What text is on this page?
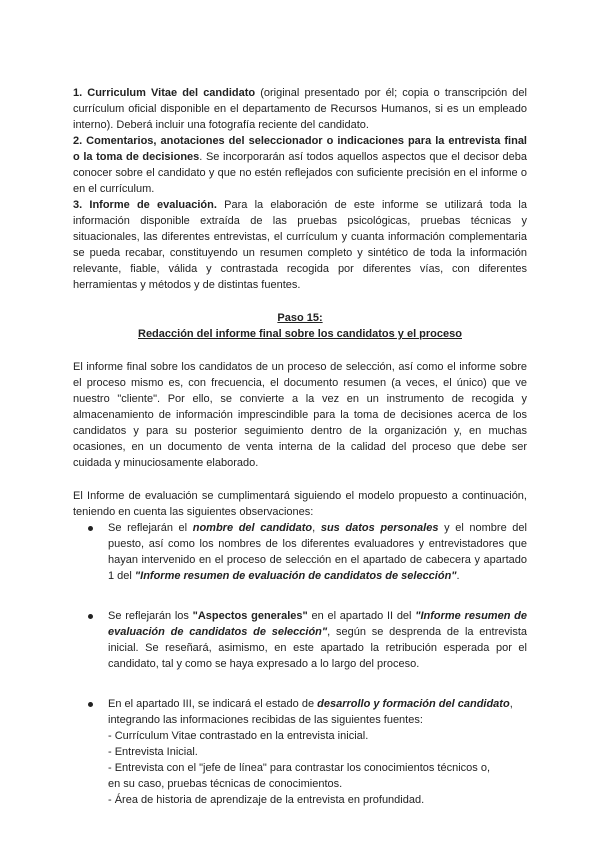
1. Curriculum Vitae del candidato (original presentado por él; copia o transcripción del currículum oficial disponible en el departamento de Recursos Humanos, si es un empleado interno). Deberá incluir una fotografía reciente del candidato.

2. Comentarios, anotaciones del seleccionador o indicaciones para la entrevista final o la toma de decisiones. Se incorporarán así todos aquellos aspectos que el decisor deba conocer sobre el candidato y que no estén reflejados con suficiente precisión en el informe o en el currículum.

3. Informe de evaluación. Para la elaboración de este informe se utilizará toda la información disponible extraída de las pruebas psicológicas, pruebas técnicas y situacionales, las diferentes entrevistas, el currículum y cuanta información complementaria se pueda recabar, constituyendo un resumen completo y sintético de toda la información relevante, fiable, válida y contrastada recogida por diferentes vías, con diferentes herramientas y métodos y de distintas fuentes.

Paso 15:

Redacción del informe final sobre los candidatos y el proceso

El informe final sobre los candidatos de un proceso de selección, así como el informe sobre el proceso mismo es, con frecuencia, el documento resumen (a veces, el único) que ve nuestro "cliente". Por ello, se convierte a la vez en un instrumento de recogida y almacenamiento de información imprescindible para la toma de decisiones acerca de los candidatos y para su posterior seguimiento dentro de la organización y, en muchas ocasiones, en un documento de venta interna de la calidad del proceso que debe ser cuidada y minuciosamente elaborado.

El Informe de evaluación se cumplimentará siguiendo el modelo propuesto a continuación, teniendo en cuenta las siguientes observaciones:

Se reflejarán el nombre del candidato, sus datos personales y el nombre del puesto, así como los nombres de los diferentes evaluadores y entrevistadores que hayan intervenido en el proceso de selección en el apartado de cabecera y apartado 1 del "Informe resumen de evaluación de candidatos de selección".
Se reflejarán los "Aspectos generales" en el apartado II del "Informe resumen de evaluación de candidatos de selección", según se desprenda de la entrevista inicial. Se reseñará, asimismo, en este apartado la retribución esperada por el candidato, tal y como se haya expresado a lo largo del proceso.
En el apartado III, se indicará el estado de desarrollo y formación del candidato, integrando las informaciones recibidas de las siguientes fuentes:
- Currículum Vitae contrastado en la entrevista inicial.
- Entrevista Inicial.
- Entrevista con el "jefe de línea" para contrastar los conocimientos técnicos o,
en su caso, pruebas técnicas de conocimientos.
- Área de historia de aprendizaje de la entrevista en profundidad.
